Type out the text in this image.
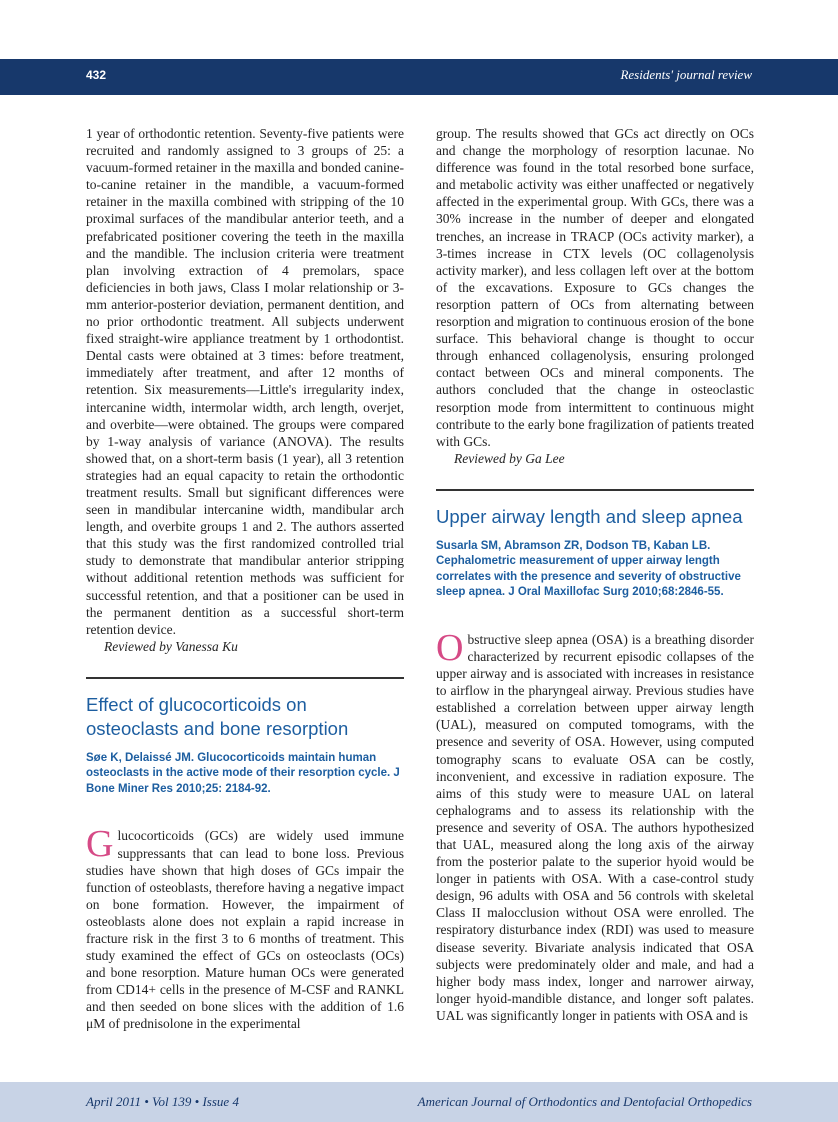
432	Residents' journal review

1 year of orthodontic retention. Seventy-five patients were recruited and randomly assigned to 3 groups of 25: a vacuum-formed retainer in the maxilla and bonded canine-to-canine retainer in the mandible, a vacuum-formed retainer in the maxilla combined with stripping of the 10 proximal surfaces of the mandibular anterior teeth, and a prefabricated positioner covering the teeth in the maxilla and the mandible. The inclusion criteria were treatment plan involving extraction of 4 premolars, space deficiencies in both jaws, Class I molar relationship or 3-mm anterior-posterior deviation, permanent dentition, and no prior orthodontic treatment. All subjects underwent fixed straight-wire appliance treatment by 1 orthodontist. Dental casts were obtained at 3 times: before treatment, immediately after treatment, and after 12 months of retention. Six measurements—Little's irregularity index, intercanine width, intermolar width, arch length, overjet, and overbite—were obtained. The groups were compared by 1-way analysis of variance (ANOVA). The results showed that, on a short-term basis (1 year), all 3 retention strategies had an equal capacity to retain the orthodontic treatment results. Small but significant differences were seen in mandibular intercanine width, mandibular arch length, and overbite groups 1 and 2. The authors asserted that this study was the first randomized controlled trial study to demonstrate that mandibular anterior stripping without additional retention methods was sufficient for successful retention, and that a positioner can be used in the permanent dentition as a successful short-term retention device.

Reviewed by Vanessa Ku

Effect of glucocorticoids on osteoclasts and bone resorption

Søe K, Delaissé JM. Glucocorticoids maintain human osteoclasts in the active mode of their resorption cycle. J Bone Miner Res 2010;25: 2184-92.

Glucocorticoids (GCs) are widely used immune suppressants that can lead to bone loss. Previous studies have shown that high doses of GCs impair the function of osteoblasts, therefore having a negative impact on bone formation. However, the impairment of osteoblasts alone does not explain a rapid increase in fracture risk in the first 3 to 6 months of treatment. This study examined the effect of GCs on osteoclasts (OCs) and bone resorption. Mature human OCs were generated from CD14+ cells in the presence of M-CSF and RANKL and then seeded on bone slices with the addition of 1.6 μM of prednisolone in the experimental

group. The results showed that GCs act directly on OCs and change the morphology of resorption lacunae. No difference was found in the total resorbed bone surface, and metabolic activity was either unaffected or negatively affected in the experimental group. With GCs, there was a 30% increase in the number of deeper and elongated trenches, an increase in TRACP (OCs activity marker), a 3-times increase in CTX levels (OC collagenolysis activity marker), and less collagen left over at the bottom of the excavations. Exposure to GCs changes the resorption pattern of OCs from alternating between resorption and migration to continuous erosion of the bone surface. This behavioral change is thought to occur through enhanced collagenolysis, ensuring prolonged contact between OCs and mineral components. The authors concluded that the change in osteoclastic resorption mode from intermittent to continuous might contribute to the early bone fragilization of patients treated with GCs.

Reviewed by Ga Lee

Upper airway length and sleep apnea

Susarla SM, Abramson ZR, Dodson TB, Kaban LB. Cephalometric measurement of upper airway length correlates with the presence and severity of obstructive sleep apnea. J Oral Maxillofac Surg 2010;68:2846-55.

Obstructive sleep apnea (OSA) is a breathing disorder characterized by recurrent episodic collapses of the upper airway and is associated with increases in resistance to airflow in the pharyngeal airway. Previous studies have established a correlation between upper airway length (UAL), measured on computed tomograms, with the presence and severity of OSA. However, using computed tomography scans to evaluate OSA can be costly, inconvenient, and excessive in radiation exposure. The aims of this study were to measure UAL on lateral cephalograms and to assess its relationship with the presence and severity of OSA. The authors hypothesized that UAL, measured along the long axis of the airway from the posterior palate to the superior hyoid would be longer in patients with OSA. With a case-control study design, 96 adults with OSA and 56 controls with skeletal Class II malocclusion without OSA were enrolled. The respiratory disturbance index (RDI) was used to measure disease severity. Bivariate analysis indicated that OSA subjects were predominately older and male, and had a higher body mass index, longer and narrower airway, longer hyoid-mandible distance, and longer soft palates. UAL was significantly longer in patients with OSA and is

April 2011 • Vol 139 • Issue 4	American Journal of Orthodontics and Dentofacial Orthopedics
